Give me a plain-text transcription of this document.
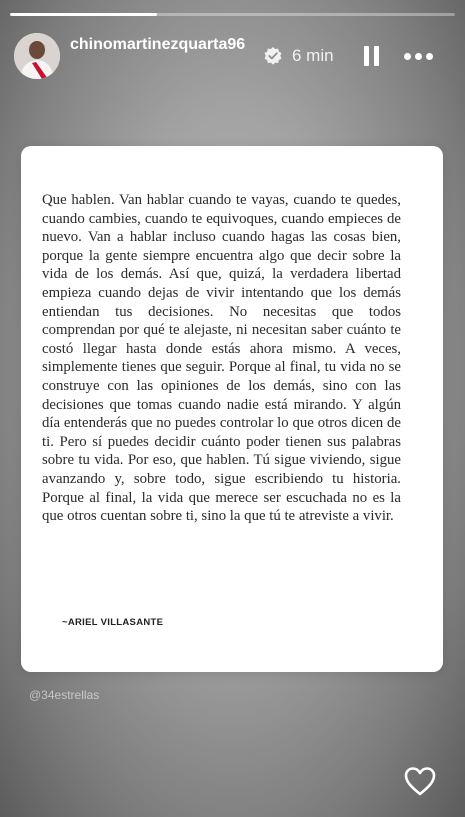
chinomartinezquarta96
6 min
Que hablen. Van hablar cuando te vayas, cuando te quedes, cuando cambies, cuando te equivoques, cuando empieces de nuevo. Van a hablar incluso cuando hagas las cosas bien, porque la gente siempre encuentra algo que decir sobre la vida de los demás. Así que, quizá, la verdadera libertad empieza cuando dejas de vivir intentando que los demás entiendan tus decisiones. No necesitas que todos comprendan por qué te alejaste, ni necesitan saber cuánto te costó llegar hasta donde estás ahora mismo. A veces, simplemente tienes que seguir. Porque al final, tu vida no se construye con las opiniones de los demás, sino con las decisiones que tomas cuando nadie está mirando. Y algún día entenderás que no puedes controlar lo que otros dicen de ti. Pero sí puedes decidir cuánto poder tienen sus palabras sobre tu vida. Por eso, que hablen. Tú sigue viviendo, sigue avanzando y, sobre todo, sigue escribiendo tu historia. Porque al final, la vida que merece ser escuchada no es la que otros cuentan sobre ti, sino la que tú te atreviste a vivir.
~ARIEL VILLASANTE
@34estrellas
